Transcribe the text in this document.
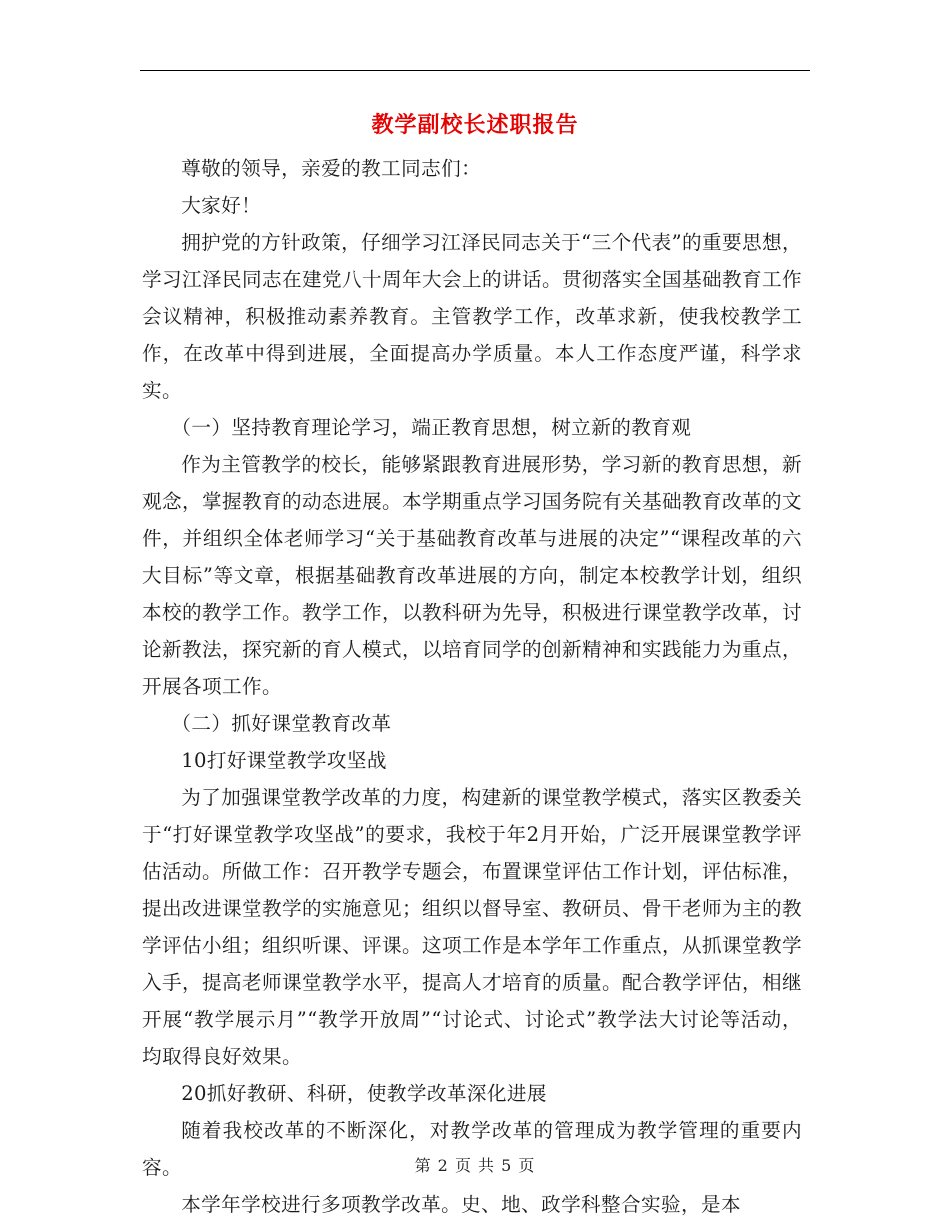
教学副校长述职报告

尊敬的领导，亲爱的教工同志们：

大家好！

拥护党的方针政策，仔细学习江泽民同志关于“三个代表”的重要思想，学习江泽民同志在建党八十周年大会上的讲话。贯彻落实全国基础教育工作会议精神，积极推动素养教育。主管教学工作，改革求新，使我校教学工作，在改革中得到进展，全面提高办学质量。本人工作态度严谨，科学求实。

（一）坚持教育理论学习，端正教育思想，树立新的教育观

作为主管教学的校长，能够紧跟教育进展形势，学习新的教育思想，新观念，掌握教育的动态进展。本学期重点学习国务院有关基础教育改革的文件，并组织全体老师学习“关于基础教育改革与进展的决定”“课程改革的六大目标”等文章，根据基础教育改革进展的方向，制定本校教学计划，组织本校的教学工作。教学工作，以教科研为先导，积极进行课堂教学改革，讨论新教法，探究新的育人模式，以培育同学的创新精神和实践能力为重点，开展各项工作。

（二）抓好课堂教育改革

10打好课堂教学攻坚战

为了加强课堂教学改革的力度，构建新的课堂教学模式，落实区教委关于“打好课堂教学攻坚战”的要求，我校于年2月开始，广泛开展课堂教学评估活动。所做工作：召开教学专题会，布置课堂评估工作计划，评估标准，提出改进课堂教学的实施意见；组织以督导室、教研员、骨干老师为主的教学评估小组；组织听课、评课。这项工作是本学年工作重点，从抓课堂教学入手，提高老师课堂教学水平，提高人才培育的质量。配合教学评估，相继开展“教学展示月”“教学开放周”“讨论式、讨论式”教学法大讨论等活动，均取得良好效果。

20抓好教研、科研，使教学改革深化进展

随着我校改革的不断深化，对教学改革的管理成为教学管理的重要内容。

本学年学校进行多项教学改革。史、地、政学科整合实验，是本

第 2 页 共 5 页
